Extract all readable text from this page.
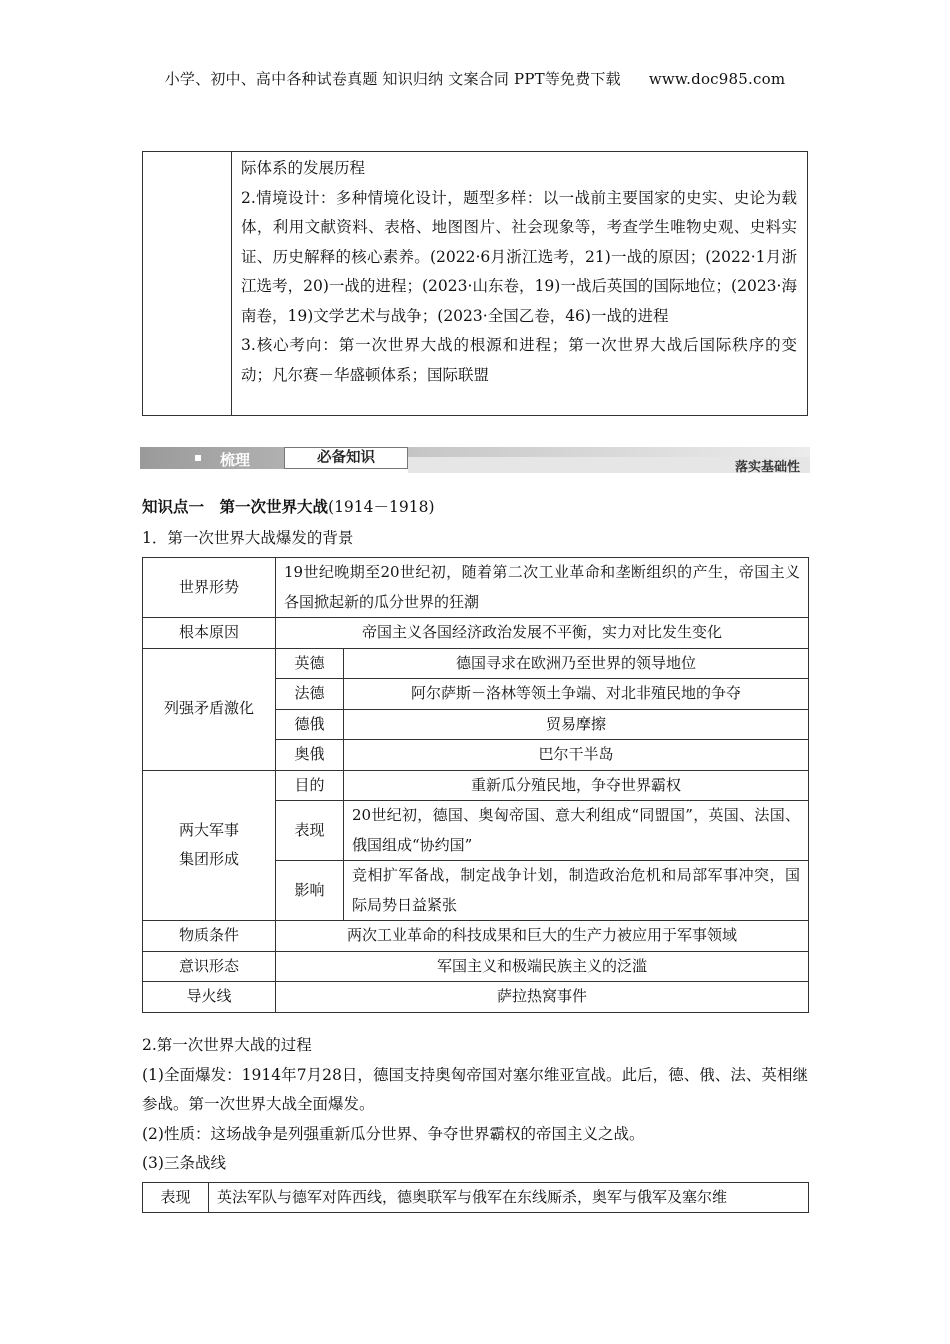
小学、初中、高中各种试卷真题 知识归纳 文案合同 PPT等免费下载 www.doc985.com
际体系的发展历程
2.情境设计：多种情境化设计，题型多样：以一战前主要国家的史实、史论为载体，利用文献资料、表格、地图图片、社会现象等，考查学生唯物史观、史料实证、历史解释的核心素养。(2022·6月浙江选考，21)一战的原因；(2022·1月浙江选考，20)一战的进程；(2023·山东卷，19)一战后英国的国际地位；(2023·海南卷，19)文学艺术与战争；(2023·全国乙卷，46)一战的进程
3.核心考向：第一次世界大战的根源和进程；第一次世界大战后国际秩序的变动；凡尔赛－华盛顿体系；国际联盟
梳理	必备知识
落实基础性
知识点一　第一次世界大战(1914－1918)
1．第一次世界大战爆发的背景
世界形势	19世纪晚期至20世纪初，随着第二次工业革命和垄断组织的产生，帝国主义各国掀起新的瓜分世界的狂潮	
根本原因	帝国主义各国经济政治发展不平衡，实力对比发生变化	
列强矛盾激化	英德	德国寻求在欧洲乃至世界的领导地位
	法德	阿尔萨斯－洛林等领土争端、对北非殖民地的争夺
	德俄	贸易摩擦
	奥俄	巴尔干半岛

两大军事
集团形成	目的	重新瓜分殖民地，争夺世界霸权
	表现	20世纪初，德国、奥匈帝国、意大利组成“同盟国”，英国、法国、俄国组成“协约国”
	影响	竞相扩军备战，制定战争计划，制造政治危机和局部军事冲突，国际局势日益紧张
物质条件	两次工业革命的科技成果和巨大的生产力被应用于军事领域	
意识形态	军国主义和极端民族主义的泛滥	
导火线	萨拉热窝事件	
2.第一次世界大战的过程
(1)全面爆发：1914年7月28日，德国支持奥匈帝国对塞尔维亚宣战。此后，德、俄、法、英相继参战。第一次世界大战全面爆发。
(2)性质：这场战争是列强重新瓜分世界、争夺世界霸权的帝国主义之战。
(3)三条战线
表现	英法军队与德军对阵西线，德奥联军与俄军在东线厮杀，奥军与俄军及塞尔维
